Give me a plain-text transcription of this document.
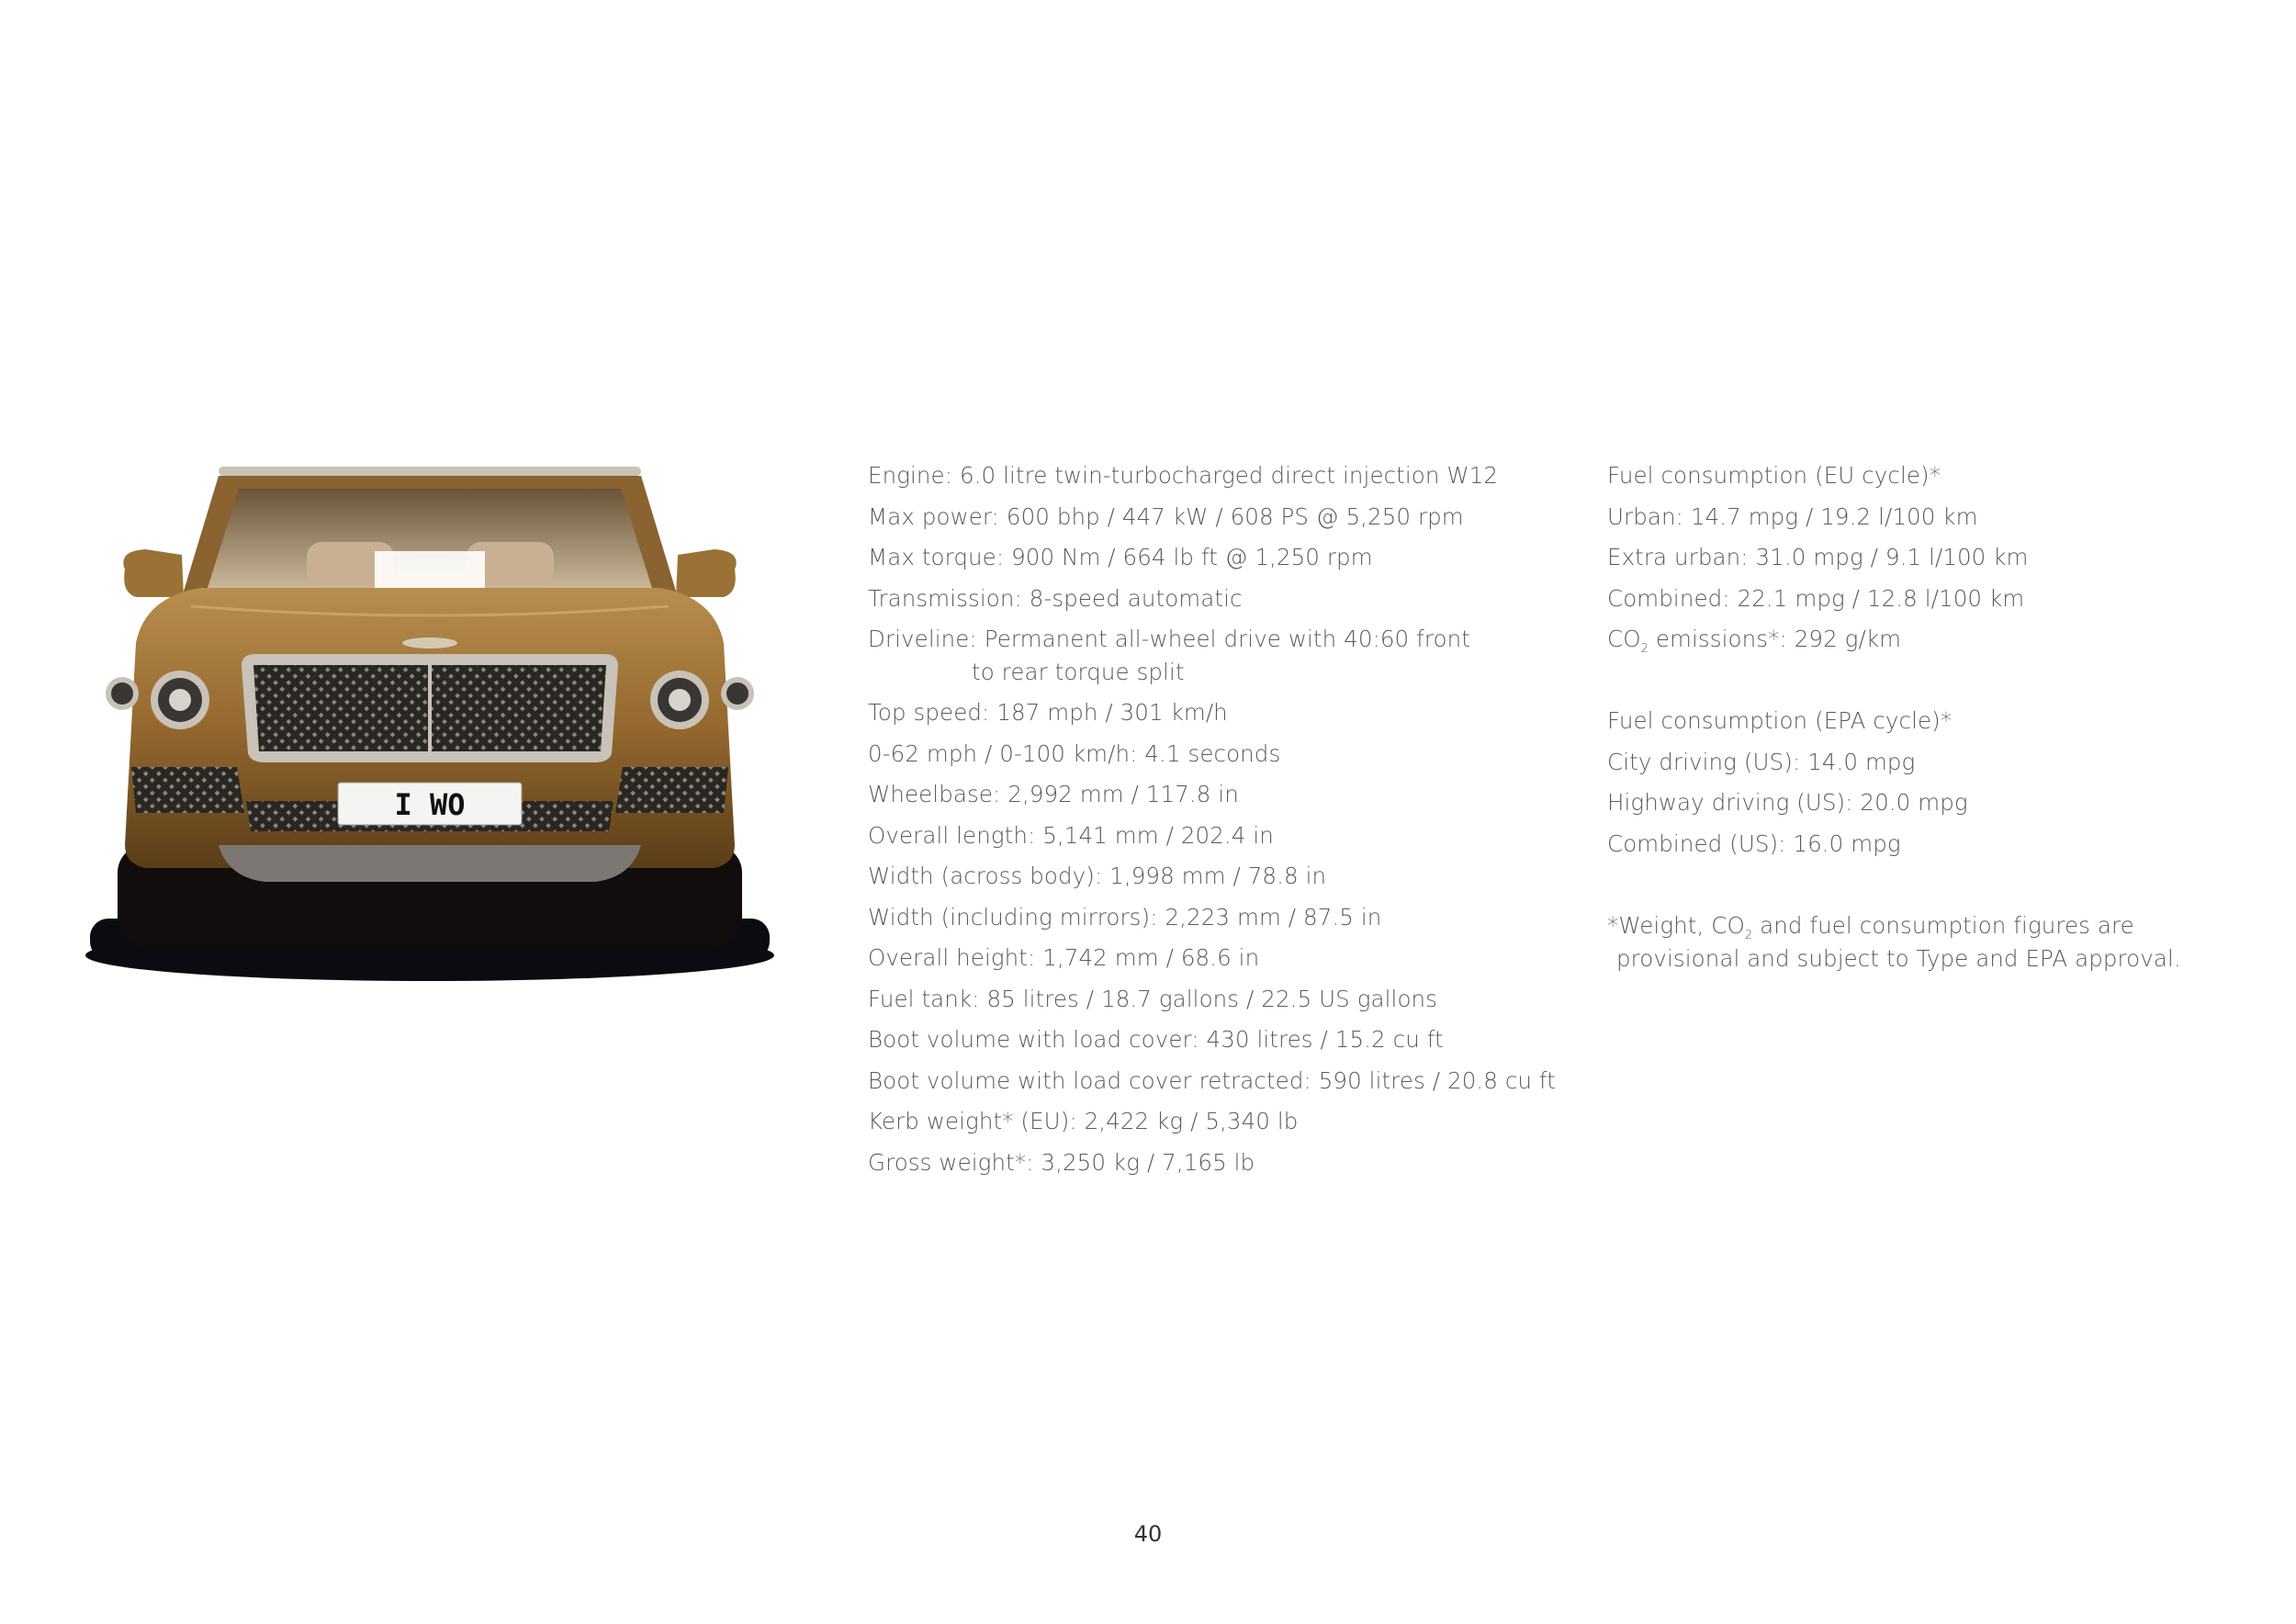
I WO
Engine: 6.0 litre twin-turbocharged direct injection W12
Max power: 600 bhp / 447 kW / 608 PS @ 5,250 rpm
Max torque: 900 Nm / 664 lb ft @ 1,250 rpm
Transmission: 8-speed automatic
Driveline: Permanent all-wheel drive with 40:60 front
to rear torque split
Top speed: 187 mph / 301 km/h
0-62 mph / 0-100 km/h: 4.1 seconds
Wheelbase: 2,992 mm / 117.8 in
Overall length: 5,141 mm / 202.4 in
Width (across body): 1,998 mm / 78.8 in
Width (including mirrors): 2,223 mm / 87.5 in
Overall height: 1,742 mm / 68.6 in
Fuel tank: 85 litres / 18.7 gallons / 22.5 US gallons
Boot volume with load cover: 430 litres / 15.2 cu ft
Boot volume with load cover retracted: 590 litres / 20.8 cu ft
Kerb weight* (EU): 2,422 kg / 5,340 lb
Gross weight*: 3,250 kg / 7,165 lb
Fuel consumption (EU cycle)*
Urban: 14.7 mpg / 19.2 l/100 km
Extra urban: 31.0 mpg / 9.1 l/100 km
Combined: 22.1 mpg / 12.8 l/100 km
$CO_2$ emissions*: 292 g/km
Fuel consumption (EPA cycle)*
City driving (US): 14.0 mpg
Highway driving (US): 20.0 mpg
Combined (US): 16.0 mpg
*Weight, $CO_2$ and fuel consumption figures are
provisional and subject to Type and EPA approval.
40
